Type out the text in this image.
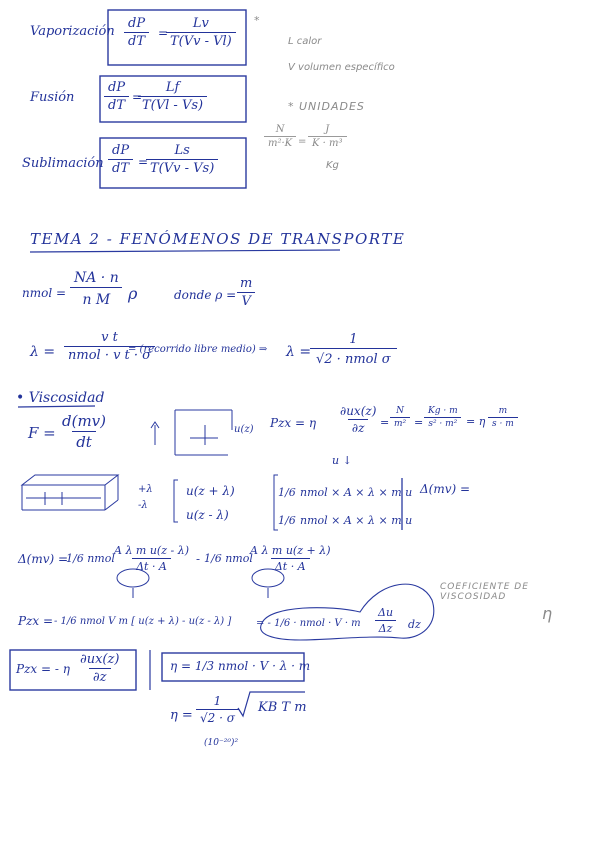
Vaporización $\frac{dP}{dT}$ =
$\frac{Lv}{T(Vv - Vl)}$
Fusión $\frac{dP}{dT}$ =
$\frac{Lf}{T(Vl - Vs)}$
Sublimación $\frac{dP}{dT}$ =
$\frac{Ls}{T(Vv - Vs)}$
*
L calor
V volumen específico
* UNIDADES
$\frac{N}{\text{m²·K}} = \frac{J}{\text{K · m³}}$
Kg
TEMA 2 - FENÓMENOS DE TRANSPORTE
nmol = $\frac{NA \cdot n}{\text{n M}}$ ρ	donde $\rho = \frac{m}{V}$
λ =
v t
nmol · v t · σ
= (recorrido libre medio) ⇒ λ =
1
√2 · nmol σ
• Viscosidad
$F = \frac{d(mv)}{dt}$	u(z) Pzx = η $\frac{\partial ux(z)}{\partial z} = \frac{N}{\text{m²}} = \frac{Kg \cdot m}{\text{s² · m²}} = \eta \frac{m}{s \cdot m}$
u ↓
+λ
-λ
u(z + λ)
u(z - λ)
1/6 nmol × A × λ × m u
1/6 nmol × A × λ × m u
Δ(mv) =
Δ(mv) =
1/6 nmol
$\frac{\text{A λ m u(z - λ)}}{\Delta t \cdot A} - 1/6$ nmol
$\frac{\text{A λ m u(z + λ)}}{\Delta t \cdot A}$
COEFICIENTE DE VISCOSIDAD
η
Pzx = - 1/6 nmol V m [ u(z + λ) - u(z - λ) ] = - 1/6 · nmol · V · m $\frac{\Delta u}{\Delta z}$ dz
Pzx = - η $\frac{\partial ux(z)}{\partial z}$	η = 1/3 nmol · V · λ · m
$\eta = \frac{1}{√2 \cdot \sigma}$ KB T m
(10⁻²⁰)²
